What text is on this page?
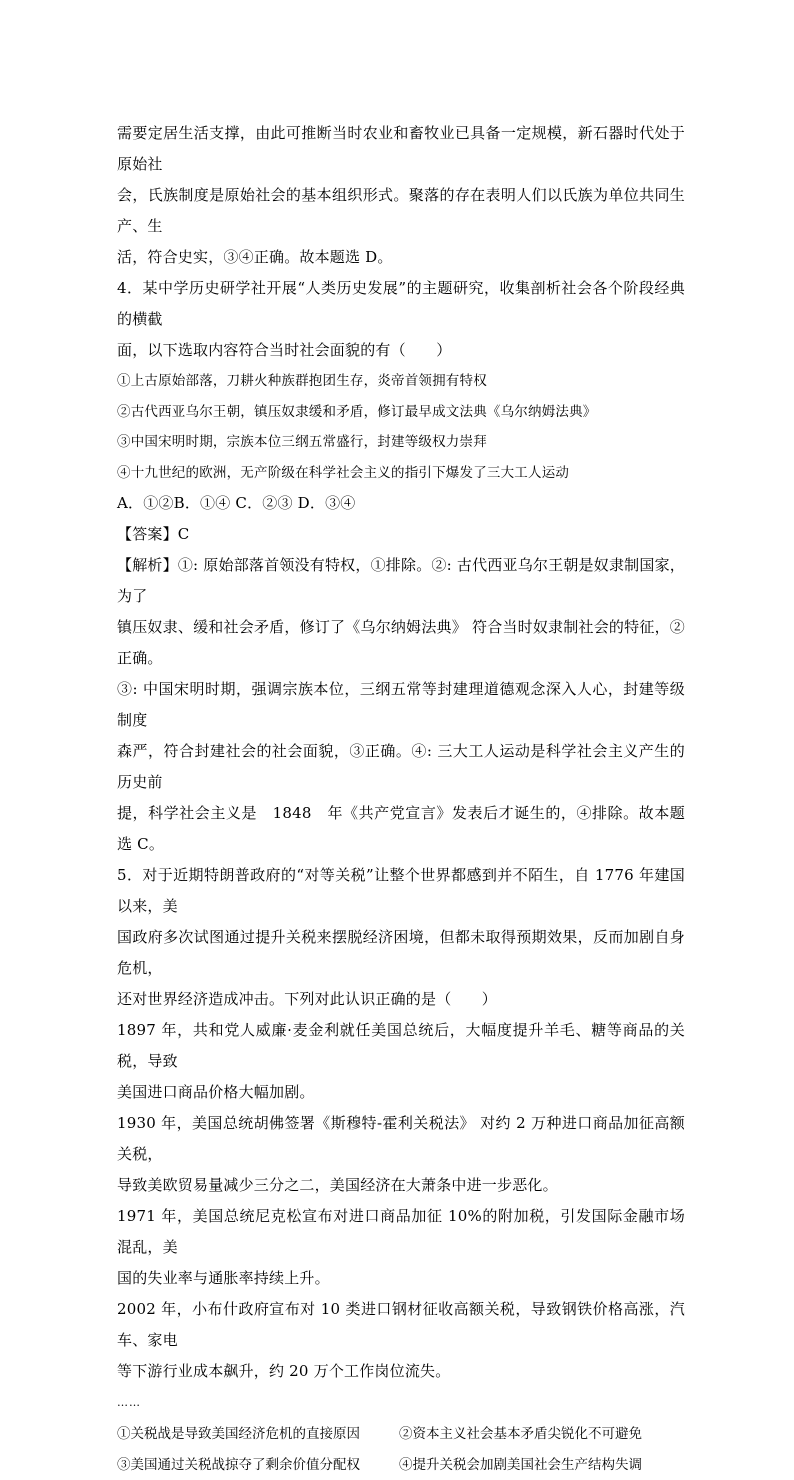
需要定居生活支撑，由此可推断当时农业和畜牧业已具备一定规模，新石器时代处于原始社

会，氏族制度是原始社会的基本组织形式。聚落的存在表明人们以氏族为单位共同生产、生

活，符合史实，③④正确。故本题选 D。

4．某中学历史研学社开展“人类历史发展”的主题研究，收集剖析社会各个阶段经典的横截

面，以下选取内容符合当时社会面貌的有（　　）

①上古原始部落，刀耕火种族群抱团生存，炎帝首领拥有特权

②古代西亚乌尔王朝，镇压奴隶缓和矛盾，修订最早成文法典《乌尔纳姆法典》

③中国宋明时期，宗族本位三纲五常盛行，封建等级权力崇拜

④十九世纪的欧洲，无产阶级在科学社会主义的指引下爆发了三大工人运动

A．①②B．①④ C．②③ D．③④

【答案】C

【解析】①: 原始部落首领没有特权，①排除。②: 古代西亚乌尔王朝是奴隶制国家，为了

镇压奴隶、缓和社会矛盾，修订了《乌尔纳姆法典》 符合当时奴隶制社会的特征，②正确。

③: 中国宋明时期，强调宗族本位，三纲五常等封建理道德观念深入人心，封建等级制度

森严，符合封建社会的社会面貌，③正确。④: 三大工人运动是科学社会主义产生的历史前

提，科学社会主义是　1848　年《共产党宣言》发表后才诞生的，④排除。故本题选 C。

5．对于近期特朗普政府的“对等关税”让整个世界都感到并不陌生，自 1776 年建国以来，美

国政府多次试图通过提升关税来摆脱经济困境，但都未取得预期效果，反而加剧自身危机，

还对世界经济造成冲击。下列对此认识正确的是（　　）

1897 年，共和党人威廉·麦金利就任美国总统后，大幅度提升羊毛、糖等商品的关税，导致

美国进口商品价格大幅加剧。

1930 年，美国总统胡佛签署《斯穆特-霍利关税法》 对约 2 万种进口商品加征高额关税，

导致美欧贸易量减少三分之二，美国经济在大萧条中进一步恶化。

1971 年，美国总统尼克松宣布对进口商品加征 10%的附加税，引发国际金融市场混乱，美

国的失业率与通胀率持续上升。

2002 年，小布什政府宣布对 10 类进口钢材征收高额关税，导致钢铁价格高涨，汽车、家电

等下游行业成本飙升，约 20 万个工作岗位流失。

……

①关税战是导致美国经济危机的直接原因	②资本主义社会基本矛盾尖锐化不可避免
③美国通过关税战掠夺了剩余价值分配权	④提升关税会加剧美国社会生产结构失调
